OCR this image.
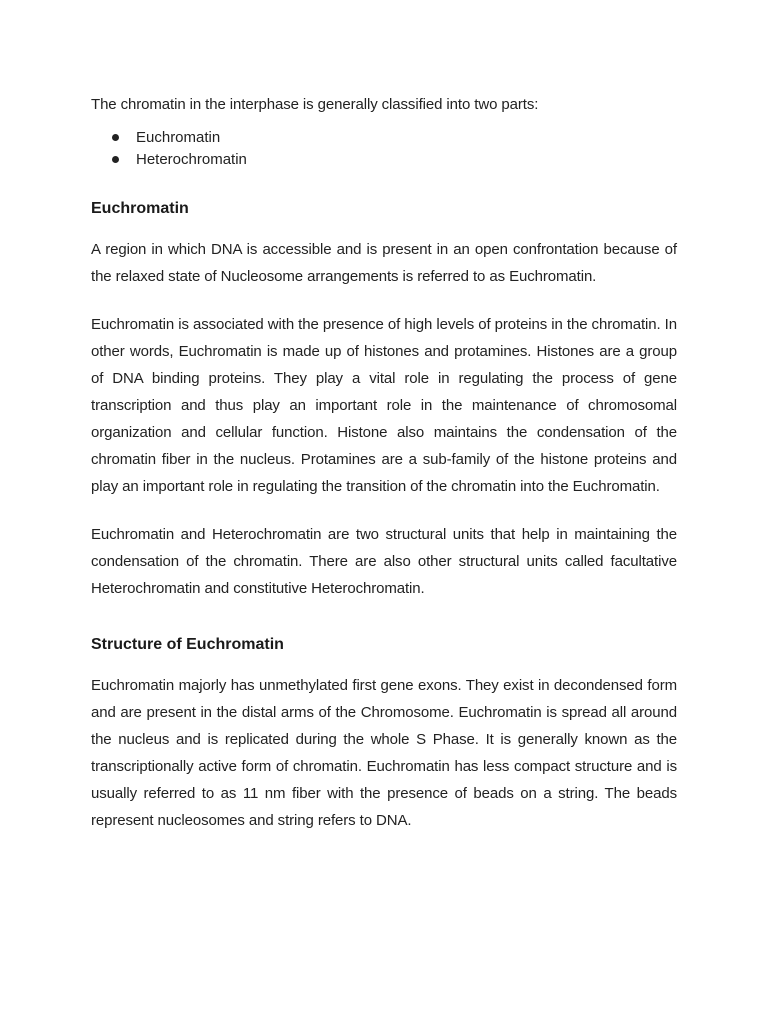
The chromatin in the interphase is generally classified into two parts:

Euchromatin
Heterochromatin
Euchromatin

A region in which DNA is accessible and is present in an open confrontation because of the relaxed state of Nucleosome arrangements is referred to as Euchromatin.

Euchromatin is associated with the presence of high levels of proteins in the chromatin. In other words, Euchromatin is made up of histones and protamines. Histones are a group of DNA binding proteins. They play a vital role in regulating the process of gene transcription and thus play an important role in the maintenance of chromosomal organization and cellular function. Histone also maintains the condensation of the chromatin fiber in the nucleus. Protamines are a sub-family of the histone proteins and play an important role in regulating the transition of the chromatin into the Euchromatin.

Euchromatin and Heterochromatin are two structural units that help in maintaining the condensation of the chromatin. There are also other structural units called facultative Heterochromatin and constitutive Heterochromatin.

Structure of Euchromatin

Euchromatin majorly has unmethylated first gene exons. They exist in decondensed form and are present in the distal arms of the Chromosome. Euchromatin is spread all around the nucleus and is replicated during the whole S Phase. It is generally known as the transcriptionally active form of chromatin. Euchromatin has less compact structure and is usually referred to as 11 nm fiber with the presence of beads on a string. The beads represent nucleosomes and string refers to DNA.
